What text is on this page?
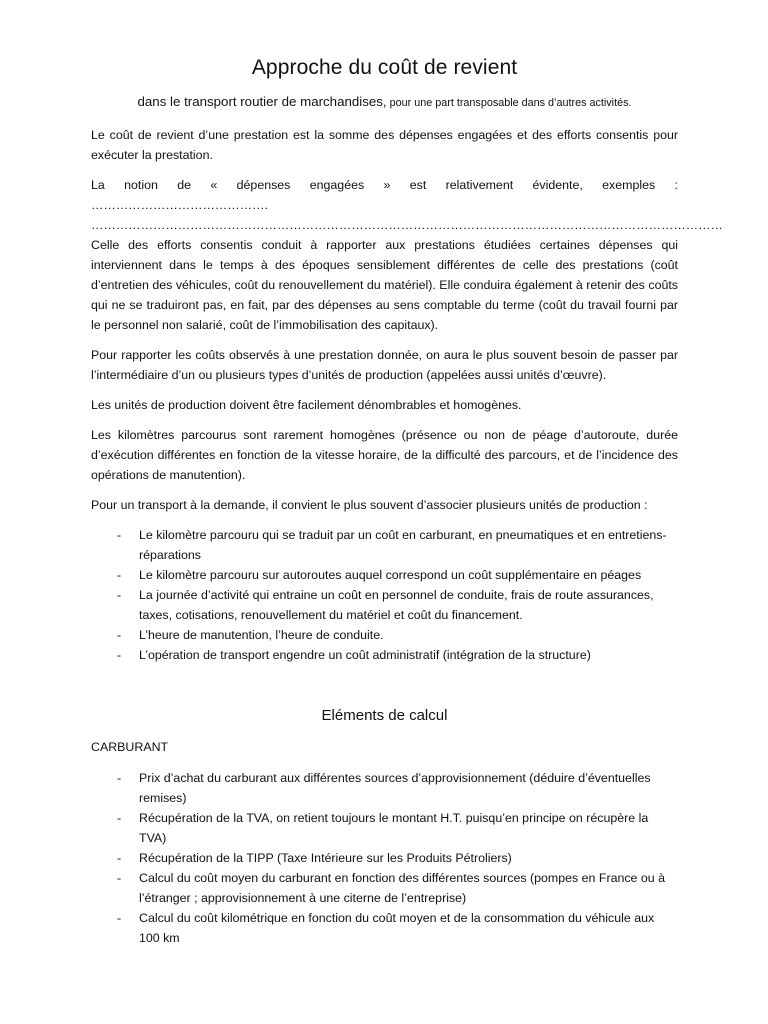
Approche du coût de revient
dans le transport routier de marchandises, pour une part transposable dans d’autres activités.

Le coût de revient d’une prestation est la somme des dépenses engagées et des efforts consentis pour exécuter la prestation.

La notion de « dépenses engagées » est relativement évidente, exemples : ……………………………………. ………………………………………………………………………………………………………………………………………

Celle des efforts consentis conduit à rapporter aux prestations étudiées certaines dépenses qui interviennent dans le temps à des époques sensiblement différentes de celle des prestations (coût d’entretien des véhicules, coût du renouvellement du matériel). Elle conduira également à retenir des coûts qui ne se traduiront pas, en fait, par des dépenses au sens comptable du terme (coût du travail fourni par le personnel non salarié, coût de l’immobilisation des capitaux).

Pour rapporter les coûts observés à une prestation donnée, on aura le plus souvent besoin de passer par l’intermédiaire d’un ou plusieurs types d’unités de production (appelées aussi unités d’œuvre).

Les unités de production doivent être facilement dénombrables et homogènes.

Les kilomètres parcourus sont rarement homogènes (présence ou non de péage d’autoroute, durée d’exécution différentes en fonction de la vitesse horaire, de la difficulté des parcours, et de l’incidence des opérations de manutention).

Pour un transport à la demande, il convient le plus souvent d’associer plusieurs unités de production :

- Le kilomètre parcouru qui se traduit par un coût en carburant, en pneumatiques et en entretiens-réparations
- Le kilomètre parcouru sur autoroutes auquel correspond un coût supplémentaire en péages
- La journée d’activité qui entraine un coût en personnel de conduite, frais de route assurances, taxes, cotisations, renouvellement du matériel et coût du financement.
- L’heure de manutention, l’heure de conduite.
- L’opération de transport engendre un coût administratif (intégration de la structure)
Eléments de calcul
CARBURANT
- Prix d’achat du carburant aux différentes sources d’approvisionnement (déduire d’éventuelles remises)
- Récupération de la TVA, on retient toujours le montant H.T. puisqu’en principe on récupère la TVA)
- Récupération de la TIPP (Taxe Intérieure sur les Produits Pétroliers)
- Calcul du coût moyen du carburant en fonction des différentes sources (pompes en France ou à l’étranger ; approvisionnement à une citerne de l’entreprise)
- Calcul du coût kilométrique en fonction du coût moyen et de la consommation du véhicule aux 100 km
